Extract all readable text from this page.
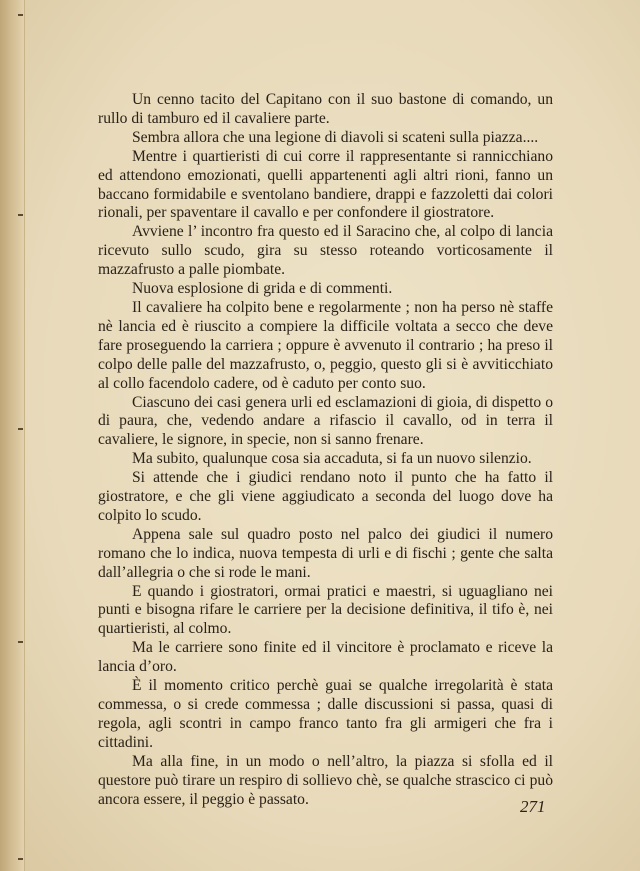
Un cenno tacito del Capitano con il suo bastone di comando, un rullo di tamburo ed il cavaliere parte.

Sembra allora che una legione di diavoli si scateni sulla piazza....

Mentre i quartieristi di cui corre il rappresentante si rannicchiano ed attendono emozionati, quelli appartenenti agli altri rioni, fanno un baccano formidabile e sventolano bandiere, drappi e fazzoletti dai colori rionali, per spaventare il cavallo e per confondere il giostratore.

Avviene l’ incontro fra questo ed il Saracino che, al colpo di lancia ricevuto sullo scudo, gira su stesso roteando vorticosamente il mazzafrusto a palle piombate.

Nuova esplosione di grida e di commenti.

Il cavaliere ha colpito bene e regolarmente ; non ha perso nè staffe nè lancia ed è riuscito a compiere la difficile voltata a secco che deve fare proseguendo la carriera ; oppure è avvenuto il contrario ; ha preso il colpo delle palle del mazzafrusto, o, peggio, questo gli si è avviticchiato al collo facendolo cadere, od è caduto per conto suo.

Ciascuno dei casi genera urli ed esclamazioni di gioia, di dispetto o di paura, che, vedendo andare a rifascio il cavallo, od in terra il cavaliere, le signore, in specie, non si sanno frenare.

Ma subito, qualunque cosa sia accaduta, si fa un nuovo silenzio.

Si attende che i giudici rendano noto il punto che ha fatto il giostratore, e che gli viene aggiudicato a seconda del luogo dove ha colpito lo scudo.

Appena sale sul quadro posto nel palco dei giudici il numero romano che lo indica, nuova tempesta di urli e di fischi ; gente che salta dall’allegria o che si rode le mani.

E quando i giostratori, ormai pratici e maestri, si uguagliano nei punti e bisogna rifare le carriere per la decisione definitiva, il tifo è, nei quartieristi, al colmo.

Ma le carriere sono finite ed il vincitore è proclamato e riceve la lancia d’oro.

È il momento critico perchè guai se qualche irregolarità è stata commessa, o si crede commessa ; dalle discussioni si passa, quasi di regola, agli scontri in campo franco tanto fra gli armigeri che fra i cittadini.

Ma alla fine, in un modo o nell’altro, la piazza si sfolla ed il questore può tirare un respiro di sollievo chè, se qualche strascico ci può ancora essere, il peggio è passato.	271
